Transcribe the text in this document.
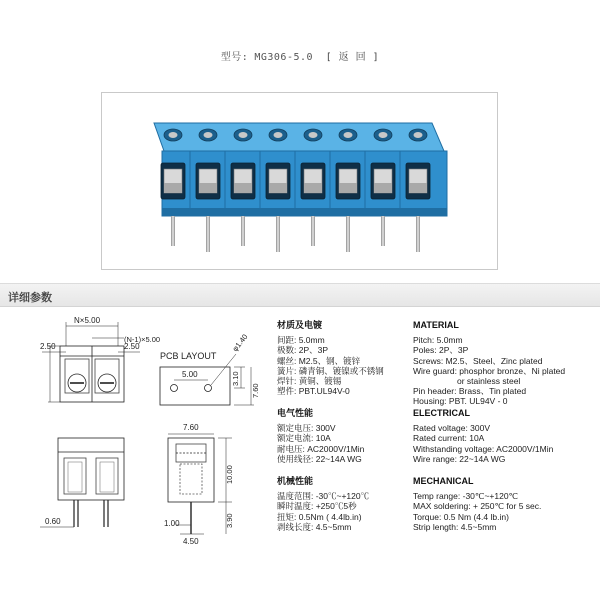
型号: MG306-5.0 [ 返 回 ]
详细参数
N×5.00
(N-1)×5.00
2.50	2.50
PCB LAYOUT
φ1.40
5.00	3.10
7.60
0.60
7.60
10.00
3.90
1.00
4.50
材质及电镀
间距: 5.0mm
极数: 2P、3P
螺丝: M2.5、钢、镀锌
簧片: 磷青铜、镀镍或不锈钢
焊针: 黄铜、镀锡
塑件: PBT.UL94V-0
电气性能
额定电压: 300V
额定电流: 10A
耐电压: AC2000V/1Min
使用线径: 22~14A WG
机械性能
温度范围: -30℃~+120℃
瞬时温度: +250℃5秒
扭矩: 0.5Nm ( 4.4lb.in)
剥线长度: 4.5~5mm
MATERIAL
Pitch: 5.0mm
Poles: 2P、3P
Screws: M2.5、Steel、Zinc plated
Wire guard: phosphor bronze、Ni plated
or stainless steel
Pin header: Brass、Tin plated
Housing: PBT. UL94V - 0
ELECTRICAL
Rated voltage: 300V
Rated current: 10A
Withstanding voltage: AC2000V/1Min
Wire range: 22~14A WG
MECHANICAL
Temp range: -30℃~+120℃
MAX soldering: + 250℃ for 5 sec.
Torque: 0.5 Nm (4.4 lb.in)
Strip length: 4.5~5mm
